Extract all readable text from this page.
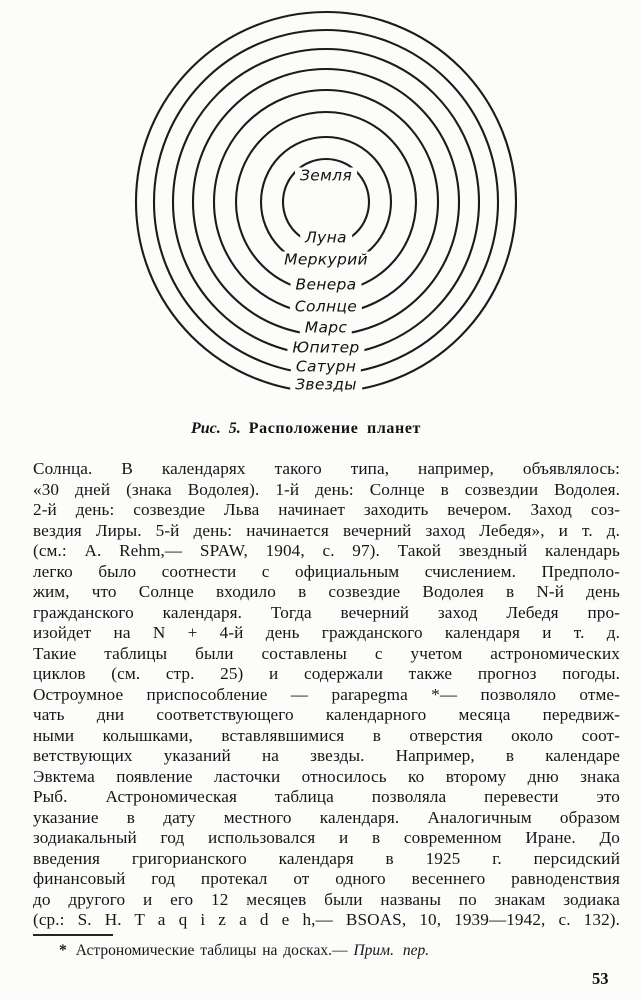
Земля
Луна
Меркурий
Венера
Солнце
Марс
Юпитер
Сатурн
Звезды
Рис. 5. Расположение планет
Солнца. В календарях такого типа, например, объявлялось:
«30 дней (знака Водолея). 1-й день: Солнце в созвездии Водолея.
2-й день: созвездие Льва начинает заходить вечером. Заход соз-
вездия Лиры. 5-й день: начинается вечерний заход Лебедя», и т. д.
(см.: A. Rehm,— SPAW, 1904, с. 97). Такой звездный календарь
легко было соотнести с официальным счислением. Предполо-
жим, что Солнце входило в созвездие Водолея в N-й день
гражданского календаря. Тогда вечерний заход Лебедя про-
изойдет на N + 4-й день гражданского календаря и т. д.
Такие таблицы были составлены с учетом астрономических
циклов (см. стр. 25) и содержали также прогноз погоды.
Остроумное приспособление — parapegma *— позволяло отме-
чать дни соответствующего календарного месяца передвиж-
ными колышками, вставлявшимися в отверстия около соот-
ветствующих указаний на звезды. Например, в календаре
Эвктема появление ласточки относилось ко второму дню знака
Рыб. Астрономическая таблица позволяла перевести это
указание в дату местного календаря. Аналогичным образом
зодиакальный год использовался и в современном Иране. До
введения григорианского календаря в 1925 г. персидский
финансовый год протекал от одного весеннего равноденствия
до другого и его 12 месяцев были названы по знакам зодиака
(ср.: S. H. T a q i z a d e h,— BSOAS, 10, 1939—1942, с. 132).
* Астрономические таблицы на досках.— Прим. пер.
53
